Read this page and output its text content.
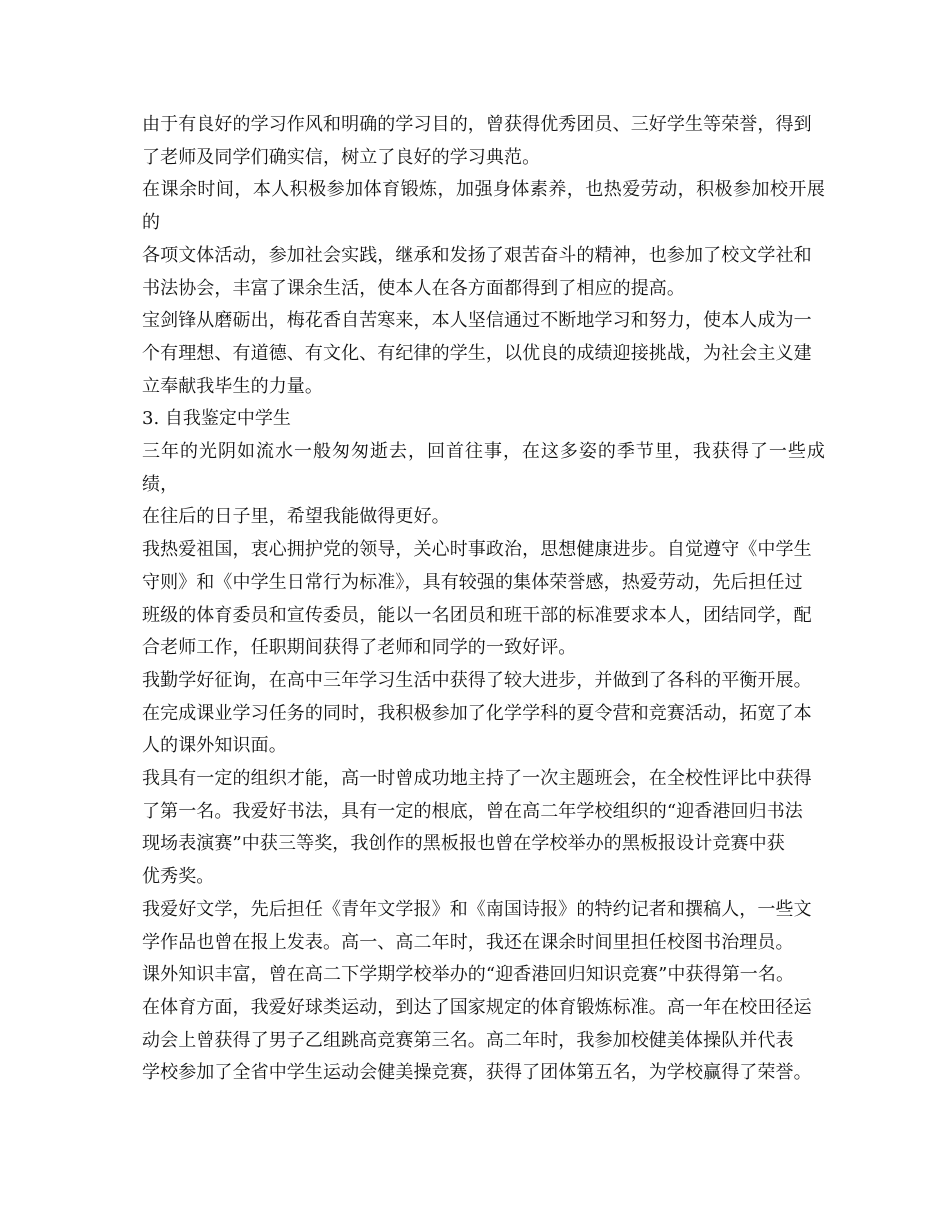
由于有良好的学习作风和明确的学习目的，曾获得优秀团员、三好学生等荣誉，得到
了老师及同学们确实信，树立了良好的学习典范。

在课余时间，本人积极参加体育锻炼，加强身体素养，也热爱劳动，积极参加校开展的
各项文体活动，参加社会实践，继承和发扬了艰苦奋斗的精神，也参加了校文学社和
书法协会，丰富了课余生活，使本人在各方面都得到了相应的提高。

宝剑锋从磨砺出，梅花香自苦寒来，本人坚信通过不断地学习和努力，使本人成为一
个有理想、有道德、有文化、有纪律的学生，以优良的成绩迎接挑战，为社会主义建
立奉献我毕生的力量。

3. 自我鉴定中学生

三年的光阴如流水一般匆匆逝去，回首往事，在这多姿的季节里，我获得了一些成绩，
在往后的日子里，希望我能做得更好。

我热爱祖国，衷心拥护党的领导，关心时事政治，思想健康进步。自觉遵守《中学生
守则》和《中学生日常行为标准》，具有较强的集体荣誉感，热爱劳动，先后担任过
班级的体育委员和宣传委员，能以一名团员和班干部的标准要求本人，团结同学，配
合老师工作，任职期间获得了老师和同学的一致好评。

我勤学好征询，在高中三年学习生活中获得了较大进步，并做到了各科的平衡开展。

在完成课业学习任务的同时，我积极参加了化学学科的夏令营和竞赛活动，拓宽了本
人的课外知识面。

我具有一定的组织才能，高一时曾成功地主持了一次主题班会，在全校性评比中获得
了第一名。我爱好书法，具有一定的根底，曾在高二年学校组织的“迎香港回归书法
现场表演赛”中获三等奖，我创作的黑板报也曾在学校举办的黑板报设计竞赛中获
优秀奖。

我爱好文学，先后担任《青年文学报》和《南国诗报》的特约记者和撰稿人，一些文
学作品也曾在报上发表。高一、高二年时，我还在课余时间里担任校图书治理员。

课外知识丰富，曾在高二下学期学校举办的“迎香港回归知识竞赛”中获得第一名。

在体育方面，我爱好球类运动，到达了国家规定的体育锻炼标准。高一年在校田径运
动会上曾获得了男子乙组跳高竞赛第三名。高二年时，我参加校健美体操队并代表
学校参加了全省中学生运动会健美操竞赛，获得了团体第五名，为学校赢得了荣誉。
